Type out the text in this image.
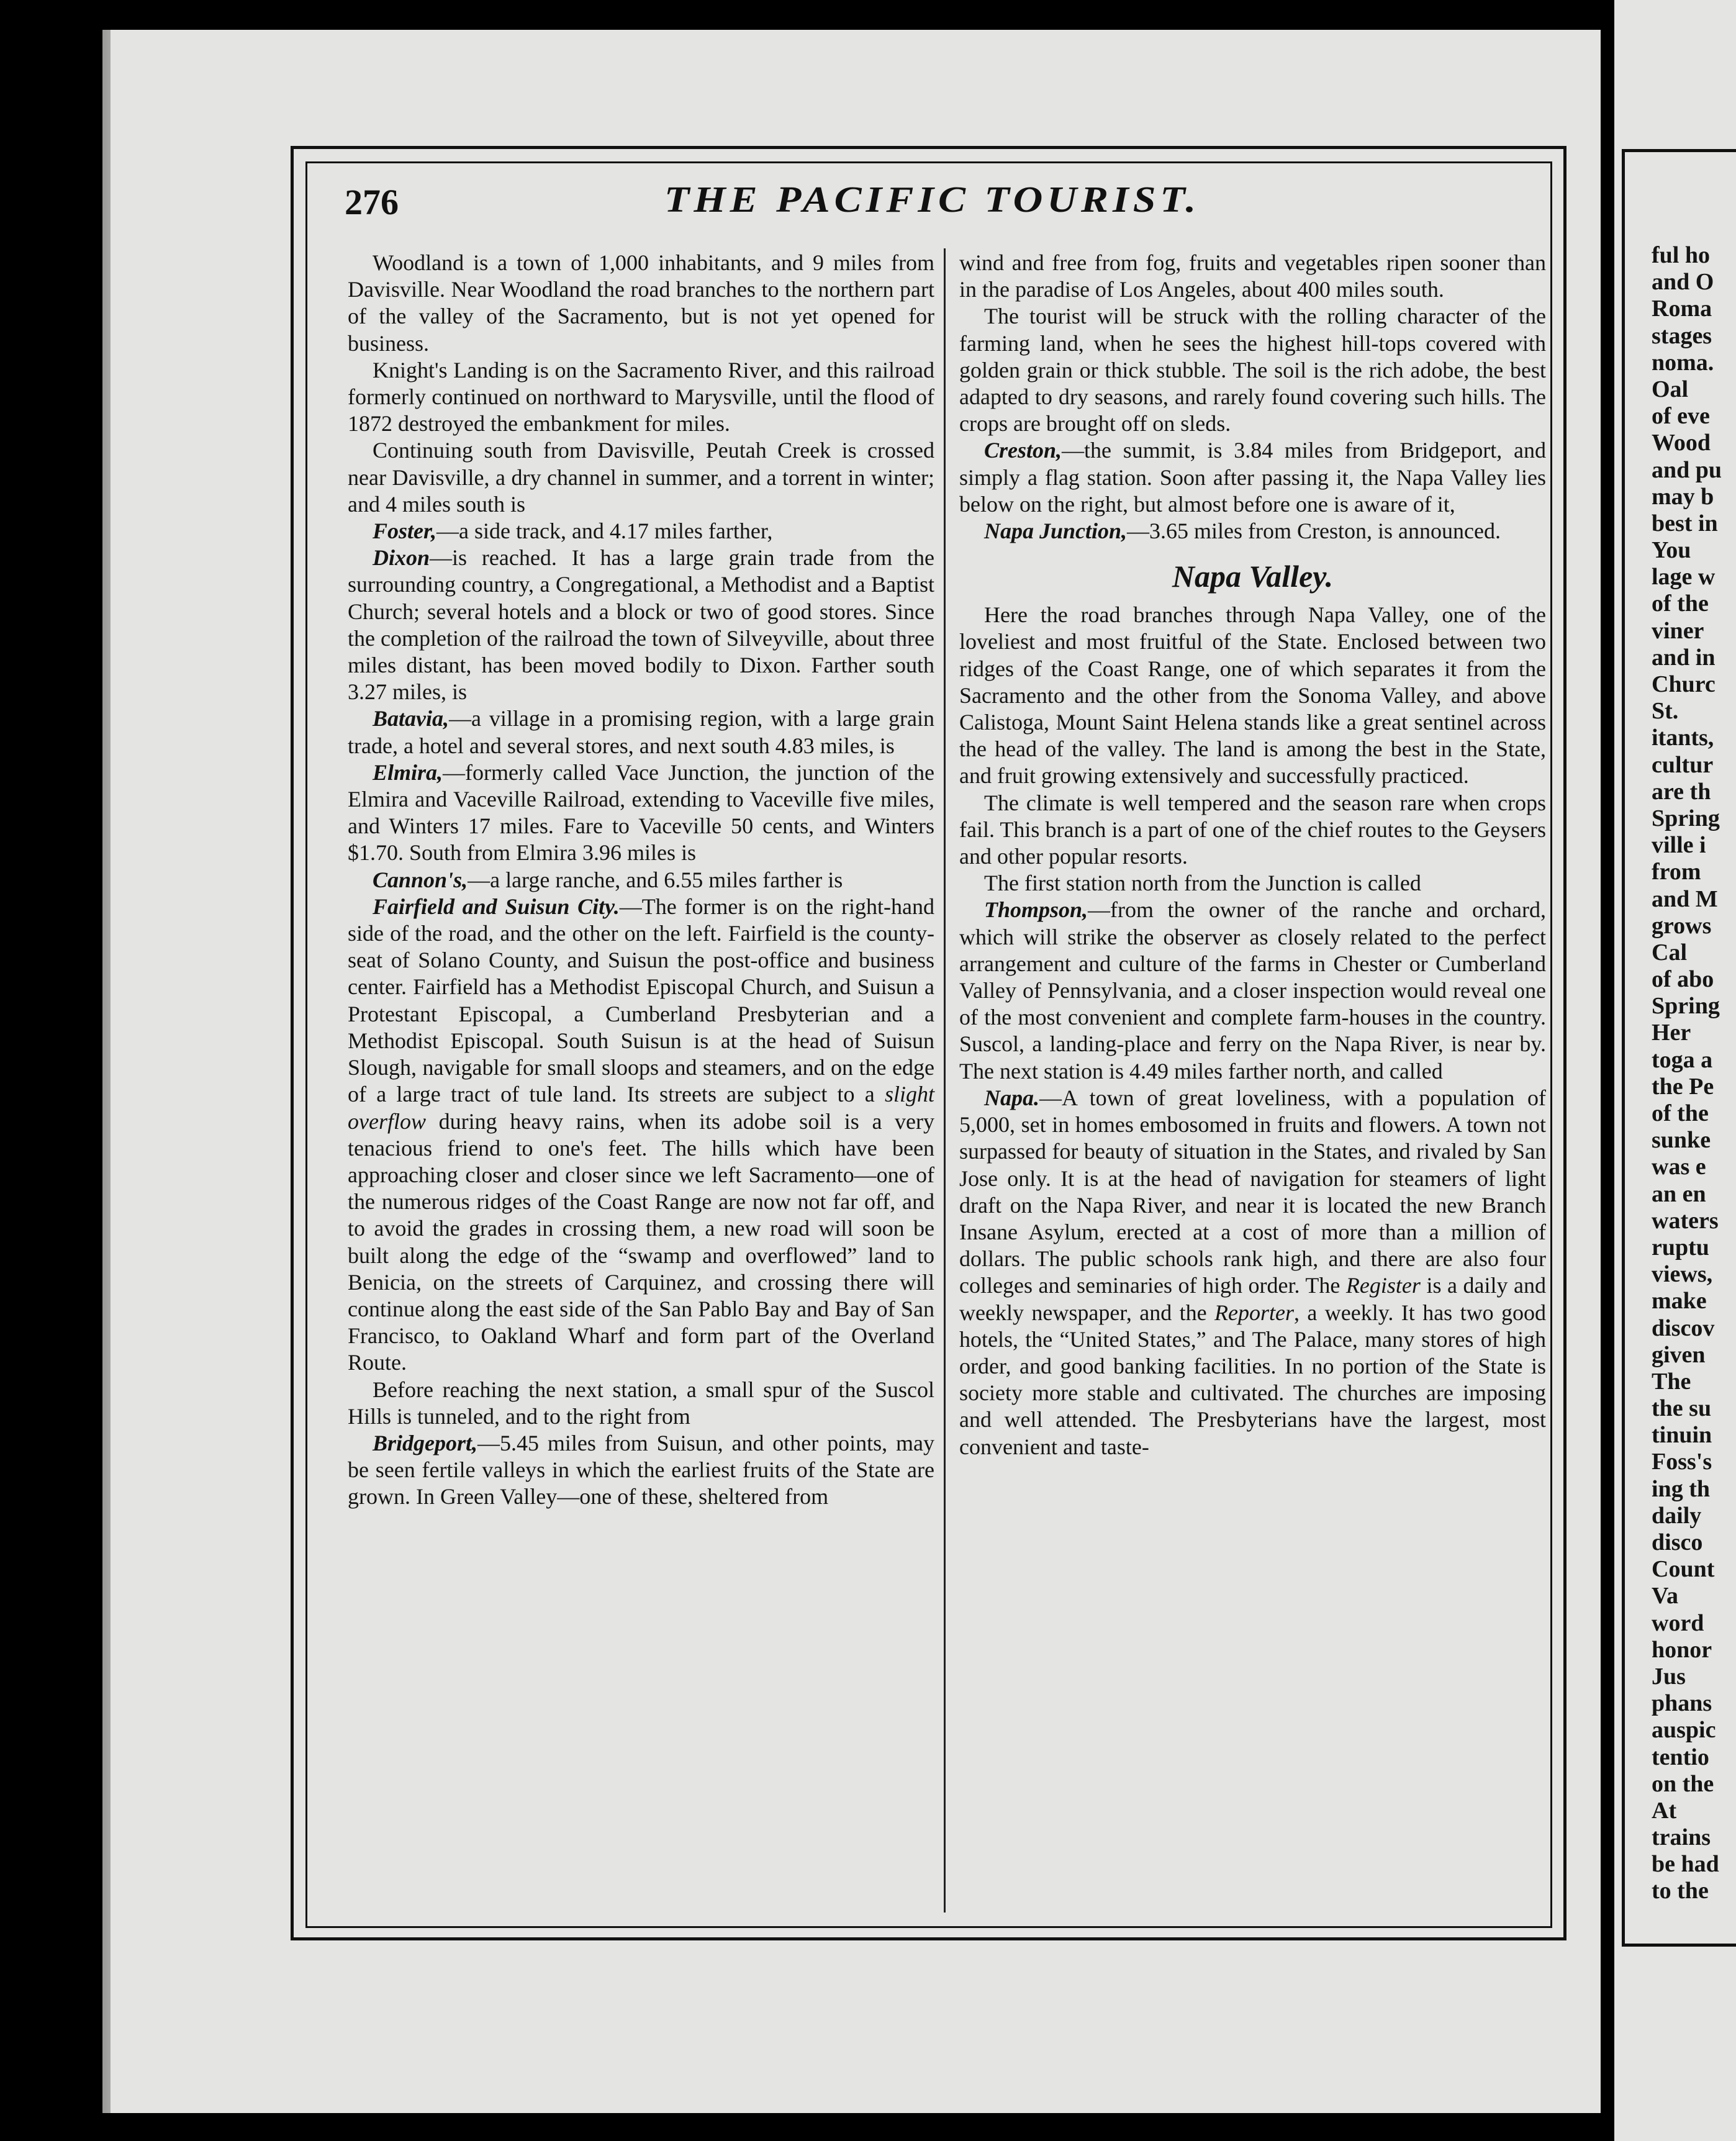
ful ho
and O
Roma
stages
noma.
Oal
of eve
Wood
and pu
may b
best in
You
lage w
of the
viner
and in
Churc
St.
itants,
cultur
are th
Spring
ville i
from
and M
grows
Cal
of abo
Spring
Her
toga a
the Pe
of the
sunke
was e
an en
waters
ruptu
views,
make
discov
given
The
the su
tinuin
Foss's
ing th
daily
disco
Count
Va
word
honor
Jus
phans
auspic
tentio
on the
At
trains
be had
to the
276	THE PACIFIC TOURIST.

Woodland is a town of 1,000 inhabitants, and 9 miles from Davisville. Near Woodland the road branches to the northern part of the valley of the Sacramento, but is not yet opened for business.

Knight's Landing is on the Sacramento River, and this railroad formerly continued on northward to Marysville, until the flood of 1872 destroyed the embankment for miles.

Continuing south from Davisville, Peutah Creek is crossed near Davisville, a dry channel in summer, and a torrent in winter; and 4 miles south is

Foster,—a side track, and 4.17 miles farther,

Dixon—is reached. It has a large grain trade from the surrounding country, a Congregational, a Methodist and a Baptist Church; several hotels and a block or two of good stores. Since the completion of the railroad the town of Silveyville, about three miles distant, has been moved bodily to Dixon. Farther south 3.27 miles, is

Batavia,—a village in a promising region, with a large grain trade, a hotel and several stores, and next south 4.83 miles, is

Elmira,—formerly called Vace Junction, the junction of the Elmira and Vaceville Railroad, extending to Vaceville five miles, and Winters 17 miles. Fare to Vaceville 50 cents, and Winters $1.70. South from Elmira 3.96 miles is

Cannon's,—a large ranche, and 6.55 miles farther is

Fairfield and Suisun City.—The former is on the right-hand side of the road, and the other on the left. Fairfield is the county-seat of Solano County, and Suisun the post-office and business center. Fairfield has a Methodist Episcopal Church, and Suisun a Protestant Episcopal, a Cumberland Presbyterian and a Methodist Episcopal. South Suisun is at the head of Suisun Slough, navigable for small sloops and steamers, and on the edge of a large tract of tule land. Its streets are subject to a slight overflow during heavy rains, when its adobe soil is a very tenacious friend to one's feet. The hills which have been approaching closer and closer since we left Sacramento—one of the numerous ridges of the Coast Range are now not far off, and to avoid the grades in crossing them, a new road will soon be built along the edge of the “swamp and overflowed” land to Benicia, on the streets of Carquinez, and crossing there will continue along the east side of the San Pablo Bay and Bay of San Francisco, to Oakland Wharf and form part of the Overland Route.

Before reaching the next station, a small spur of the Suscol Hills is tunneled, and to the right from

Bridgeport,—5.45 miles from Suisun, and other points, may be seen fertile valleys in which the earliest fruits of the State are grown. In Green Valley—one of these, sheltered from

wind and free from fog, fruits and vegetables ripen sooner than in the paradise of Los Angeles, about 400 miles south.

The tourist will be struck with the rolling character of the farming land, when he sees the highest hill-tops covered with golden grain or thick stubble. The soil is the rich adobe, the best adapted to dry seasons, and rarely found covering such hills. The crops are brought off on sleds.

Creston,—the summit, is 3.84 miles from Bridgeport, and simply a flag station. Soon after passing it, the Napa Valley lies below on the right, but almost before one is aware of it,

Napa Junction,—3.65 miles from Creston, is announced.

Napa Valley.

Here the road branches through Napa Valley, one of the loveliest and most fruitful of the State. Enclosed between two ridges of the Coast Range, one of which separates it from the Sacramento and the other from the Sonoma Valley, and above Calistoga, Mount Saint Helena stands like a great sentinel across the head of the valley. The land is among the best in the State, and fruit growing extensively and successfully practiced.

The climate is well tempered and the season rare when crops fail. This branch is a part of one of the chief routes to the Geysers and other popular resorts.

The first station north from the Junction is called

Thompson,—from the owner of the ranche and orchard, which will strike the observer as closely related to the perfect arrangement and culture of the farms in Chester or Cumberland Valley of Pennsylvania, and a closer inspection would reveal one of the most convenient and complete farm-houses in the country. Suscol, a landing-place and ferry on the Napa River, is near by. The next station is 4.49 miles farther north, and called

Napa.—A town of great loveliness, with a population of 5,000, set in homes embosomed in fruits and flowers. A town not surpassed for beauty of situation in the States, and rivaled by San Jose only. It is at the head of navigation for steamers of light draft on the Napa River, and near it is located the new Branch Insane Asylum, erected at a cost of more than a million of dollars. The public schools rank high, and there are also four colleges and seminaries of high order. The Register is a daily and weekly newspaper, and the Reporter, a weekly. It has two good hotels, the “United States,” and The Palace, many stores of high order, and good banking facilities. In no portion of the State is society more stable and cultivated. The churches are imposing and well attended. The Presbyterians have the largest, most convenient and taste-
